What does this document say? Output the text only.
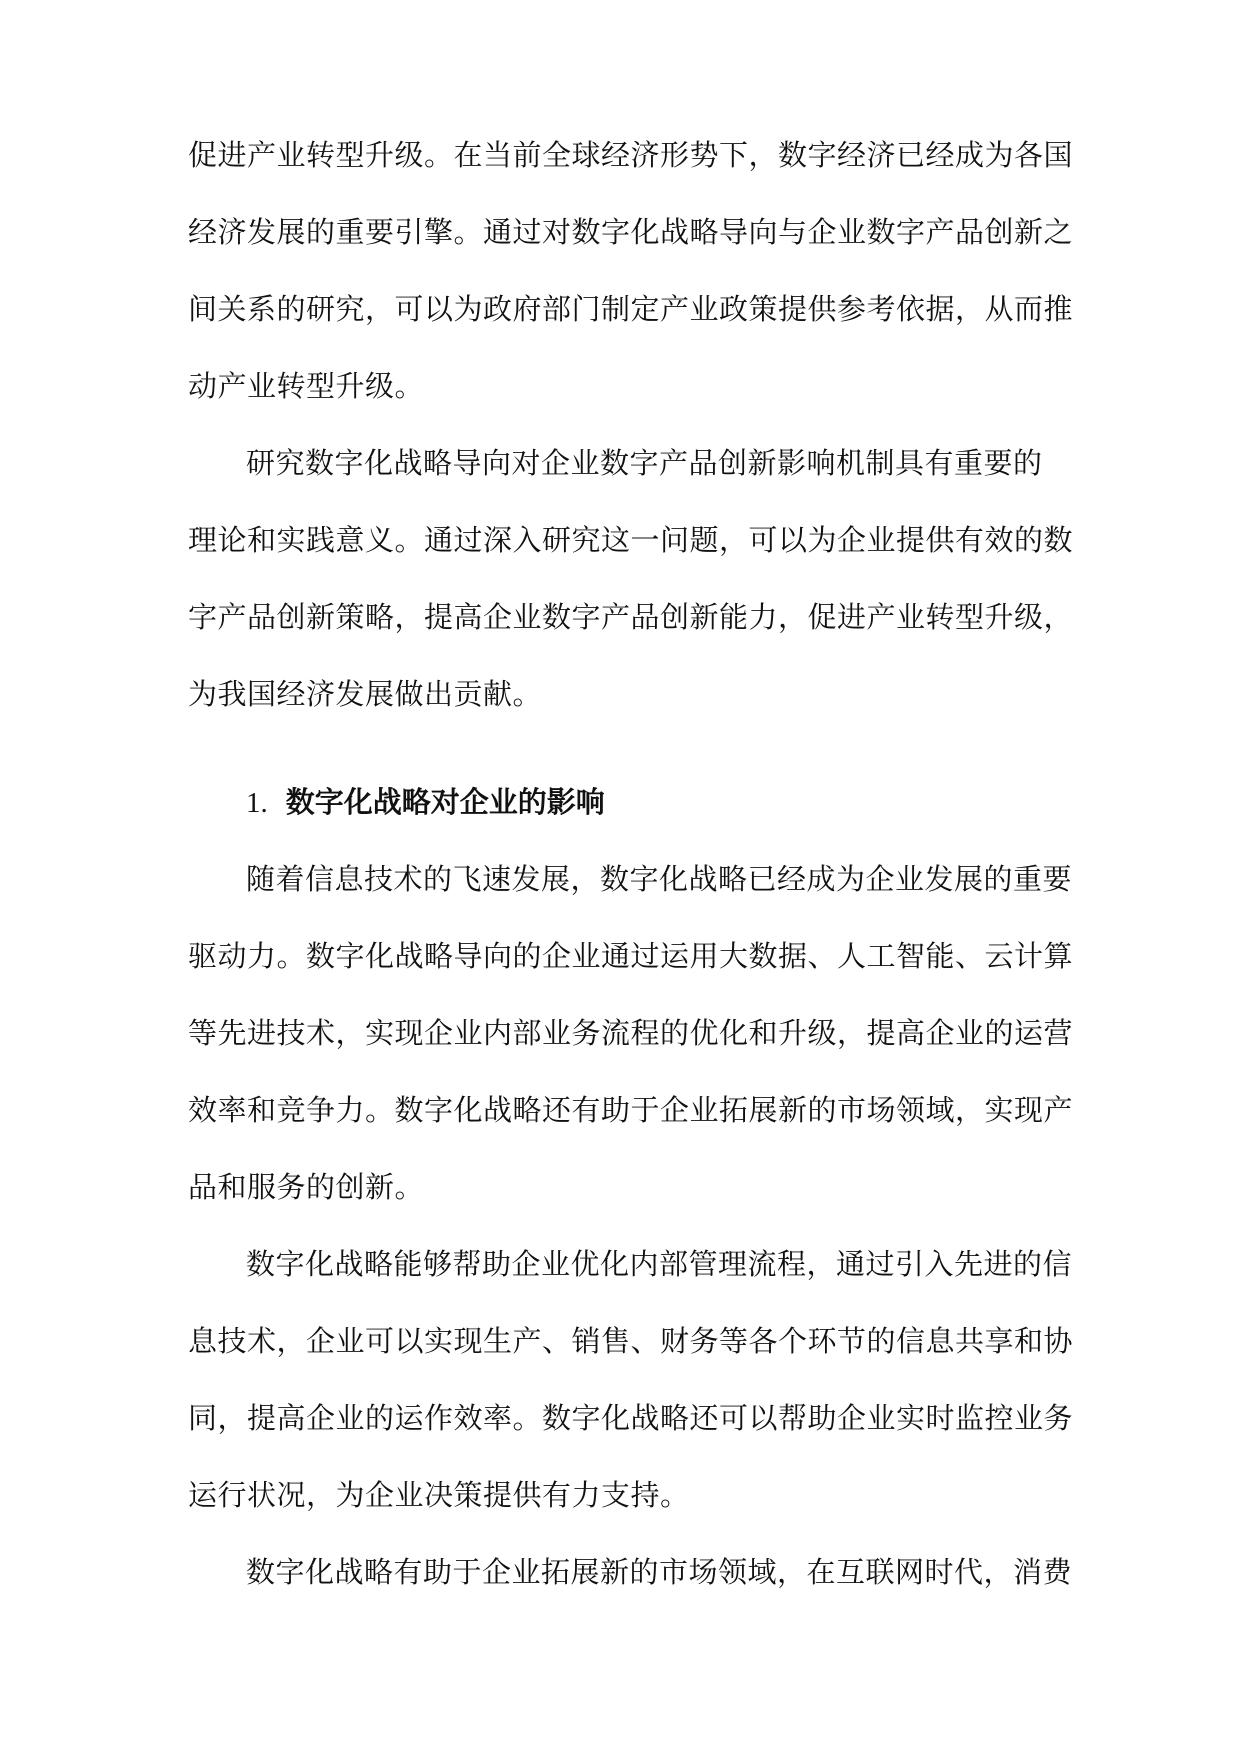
促进产业转型升级。在当前全球经济形势下，数字经济已经成为各国
经济发展的重要引擎。通过对数字化战略导向与企业数字产品创新之
间关系的研究，可以为政府部门制定产业政策提供参考依据，从而推
动产业转型升级。
研究数字化战略导向对企业数字产品创新影响机制具有重要的
理论和实践意义。通过深入研究这一问题，可以为企业提供有效的数
字产品创新策略，提高企业数字产品创新能力，促进产业转型升级，
为我国经济发展做出贡献。
1. 数字化战略对企业的影响
随着信息技术的飞速发展，数字化战略已经成为企业发展的重要
驱动力。数字化战略导向的企业通过运用大数据、人工智能、云计算
等先进技术，实现企业内部业务流程的优化和升级，提高企业的运营
效率和竞争力。数字化战略还有助于企业拓展新的市场领域，实现产
品和服务的创新。
数字化战略能够帮助企业优化内部管理流程，通过引入先进的信
息技术，企业可以实现生产、销售、财务等各个环节的信息共享和协
同，提高企业的运作效率。数字化战略还可以帮助企业实时监控业务
运行状况，为企业决策提供有力支持。
数字化战略有助于企业拓展新的市场领域，在互联网时代，消费
